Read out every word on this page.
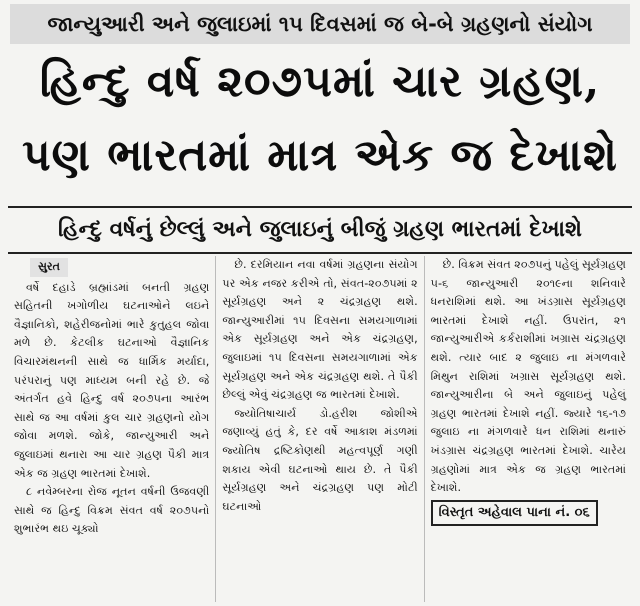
જાન્યુઆરી અને જુલાઇમાં ૧૫ દિવસમાં જ બે-બે ગ્રહણનો સંયોગ
હિન્દુ વર્ષ ૨૦૭૫માં ચાર ગ્રહણ,
પણ ભારતમાં માત્ર એક જ દેખાશે
હિન્દુ વર્ષનું છેલ્લું અને જુલાઇનું બીજું ગ્રહણ ભારતમાં દેખાશે
સુરત

વર્ષે દહાડે બ્રહ્માંડમાં બનતી ગ્રહણ સહિતની ખગોળીય ઘટનાઓને લઇને વૈજ્ઞાનિકો, શહેરીજનોમાં ભારે કુતુહલ જોવા મળે છે. કેટલીક ઘટનાઓ વૈજ્ઞાનિક વિચારમંથનની સાથે જ ધાર્મિક મર્યાદા, પરંપરાનું પણ માધ્યમ બની રહે છે. જે અંતર્ગત હવે હિન્દુ વર્ષ ૨૦૭૫ના આરંભ સાથે જ આ વર્ષમાં કુલ ચાર ગ્રહણનો યોગ જોવા મળશે. જોકે, જાન્યુઆરી અને જુલાઇમાં થનારા આ ચાર ગ્રહણ પૈકી માત્ર એક જ ગ્રહણ ભારતમાં દેખાશે.

૮ નવેમ્બરના રોજ નૂતન વર્ષની ઉજવણી સાથે જ હિન્દુ વિક્રમ સંવત વર્ષ ૨૦૭૫નો શુભારંભ થઇ ચૂક્યો

છે. દરમિયાન નવા વર્ષમાં ગ્રહણના સંયોગ પર એક નજર કરીએ તો, સંવત-૨૦૭૫માં ૨ સૂર્યગ્રહણ અને ૨ ચંદ્રગ્રહણ થશે. જાન્યુઆરીમાં ૧૫ દિવસના સમયગાળામાં એક સૂર્યગ્રહણ અને એક ચંદ્રગ્રહણ, જુલાઇમાં ૧૫ દિવસના સમયગાળામાં એક સૂર્યગ્રહણ અને એક ચંદ્રગ્રહણ થશે. તે પૈકી છેલ્લું એવું ચંદ્રગ્રહણ જ ભારતમાં દેખાશે.

જ્યોતિષાચાર્ય ડો.હરીશ જોશીએ જણાવ્યું હતું કે, દર વર્ષે આકાશ મંડળમાં જ્યોતિષ દ્રષ્ટિકોણથી મહત્વપૂર્ણ ગણી શકાય એવી ઘટનાઓ થાય છે. તે પૈકી સૂર્યગ્રહણ અને ચંદ્રગ્રહણ પણ મોટી ઘટનાઓ

છે. વિક્રમ સંવત ૨૦૭૫નું પહેલું સૂર્યગ્રહણ ૫-૬ જાન્યુઆરી ૨૦૧૯ના શનિવારે ધનરાશિમાં થશે. આ ખંડગ્રાસ સૂર્યગ્રહણ ભારતમાં દેખાશે નહીં. ઉપરાંત, ૨૧ જાન્યુઆરીએ કર્કરાશીમાં ખગ્રાસ ચંદ્રગ્રહણ થશે. ત્યાર બાદ ૨ જુલાઇ ના મંગળવારે મિથુન રાશિમાં ખગ્રાસ સૂર્યગ્રહણ થશે. જાન્યુઆરીના બે અને જુલાઇનું પહેલું ગ્રહણ ભારતમાં દેખાશે નહીં. જ્યારે ૧૬-૧૭ જુલાઇ ના મંગળવારે ધન રાશિમાં થનારું ખંડગ્રાસ ચંદ્રગ્રહણ ભારતમાં દેખાશે. ચારેય ગ્રહણોમાં માત્ર એક જ ગ્રહણ ભારતમાં દેખાશે.

વિસ્તૃત અહેવાલ પાના નં. ૦૬
